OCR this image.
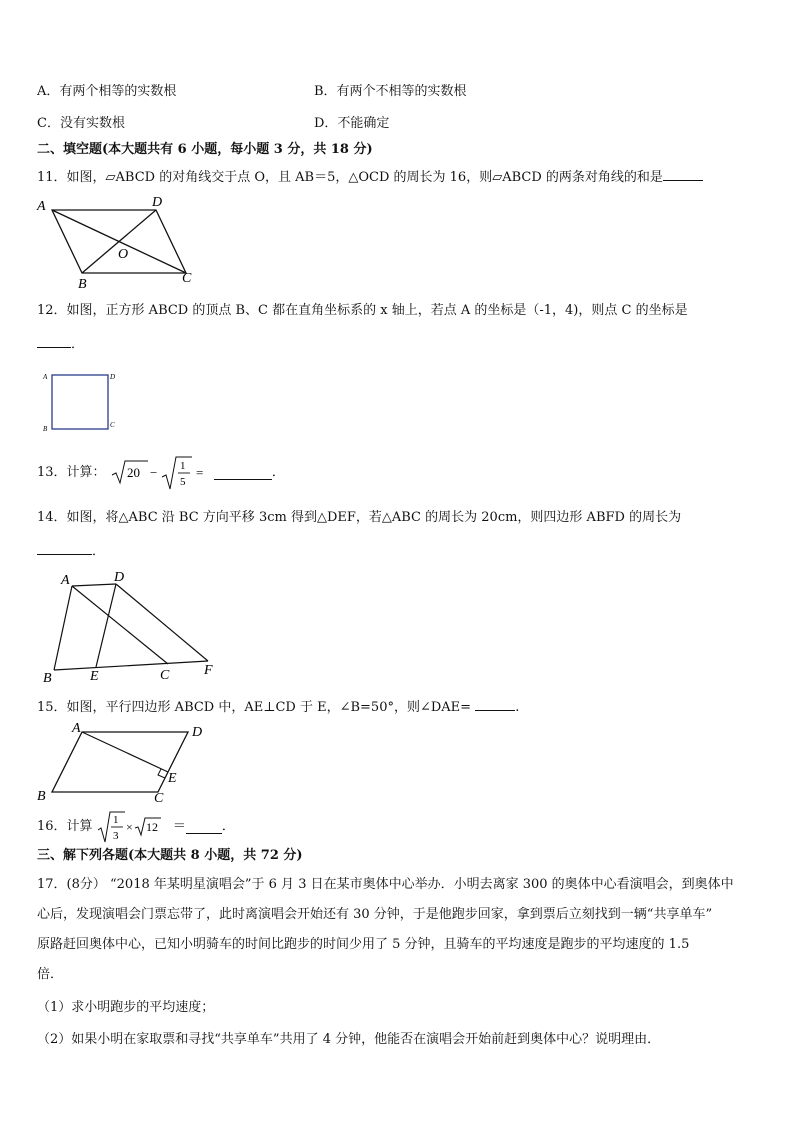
A．有两个相等的实数根	B．有两个不相等的实数根
C．没有实数根	D．不能确定
二、填空题(本大题共有 6 小题，每小题 3 分，共 18 分)
11．如图，▱ABCD 的对角线交于点 O，且 AB＝5，△OCD 的周长为 16，则▱ABCD 的两条对角线的和是
A	D
O
B	C
12．如图，正方形 ABCD 的顶点 B、C 都在直角坐标系的 x 轴上，若点 A 的坐标是（-1，4)，则点 C 的坐标是
．
A	D
B	C
13．计算： 20 − 1
5
=	．
14．如图，将△ABC 沿 BC 方向平移 3cm 得到△DEF，若△ABC 的周长为 20cm，则四边形 ABFD 的周长为
．
A	D
B	E	C F
15．如图，平行四边形 ABCD 中，AE⊥CD 于 E，∠B=50°，则∠DAE=	.
A	D
E
B	C
16．计算 1
3
× 12 ＝	．
三、解下列各题(本大题共 8 小题，共 72 分)
17．(8分） “2018 年某明星演唱会”于 6 月 3 日在某市奥体中心举办．小明去离家 300 的奥体中心看演唱会，到奥体中
心后，发现演唱会门票忘带了，此时离演唱会开始还有 30 分钟，于是他跑步回家，拿到票后立刻找到一辆“共享单车”
原路赶回奥体中心，已知小明骑车的时间比跑步的时间少用了 5 分钟，且骑车的平均速度是跑步的平均速度的 1.5
倍．
（1）求小明跑步的平均速度；
（2）如果小明在家取票和寻找“共享单车”共用了 4 分钟，他能否在演唱会开始前赶到奥体中心？说明理由．
